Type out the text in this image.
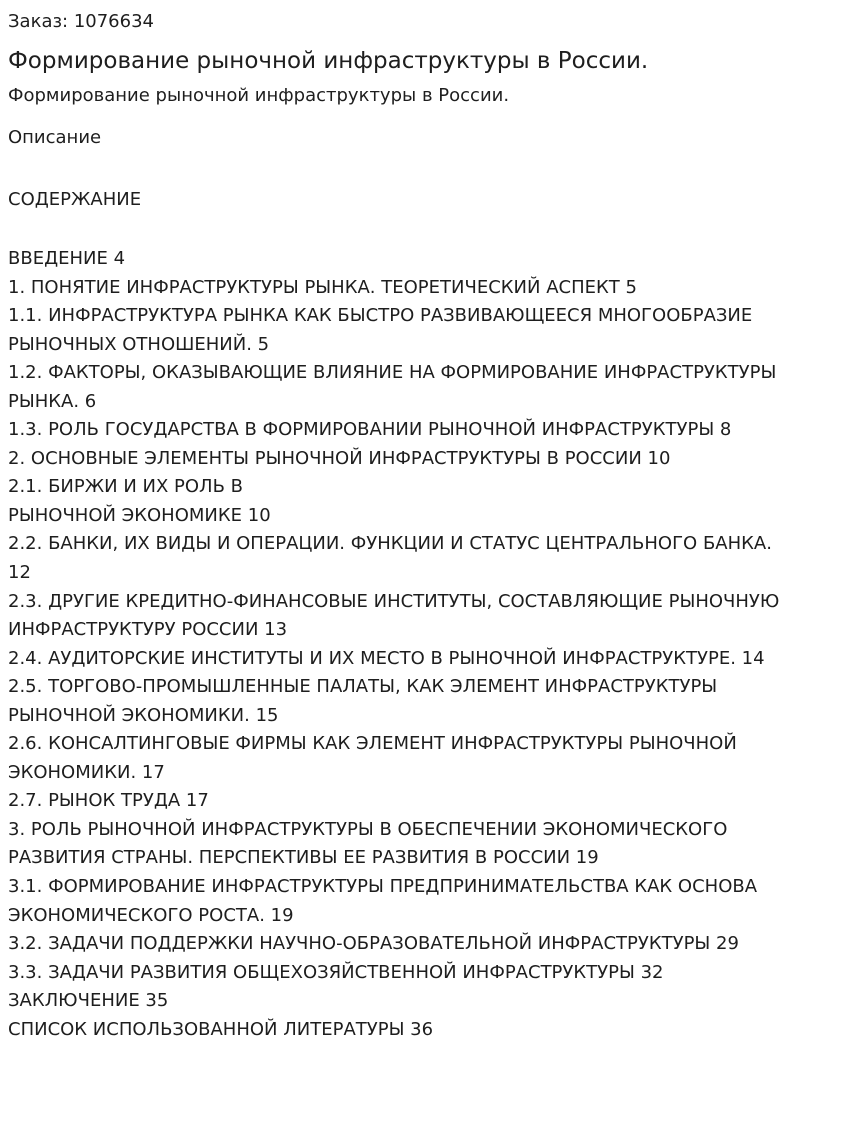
Заказ: 1076634

Формирование рыночной инфраструктуры в России.

Формирование рыночной инфраструктуры в России.

Описание

СОДЕРЖАНИЕ

ВВЕДЕНИЕ 4
1. ПОНЯТИЕ ИНФРАСТРУКТУРЫ РЫНКА. ТЕОРЕТИЧЕСКИЙ АСПЕКТ 5
1.1. ИНФРАСТРУКТУРА РЫНКА КАК БЫСТРО РАЗВИВАЮЩЕЕСЯ МНОГООБРАЗИЕ
РЫНОЧНЫХ ОТНОШЕНИЙ. 5
1.2. ФАКТОРЫ, ОКАЗЫВАЮЩИЕ ВЛИЯНИЕ НА ФОРМИРОВАНИЕ ИНФРАСТРУКТУРЫ
РЫНКА. 6
1.3. РОЛЬ ГОСУДАРСТВА В ФОРМИРОВАНИИ РЫНОЧНОЙ ИНФРАСТРУКТУРЫ 8
2. ОСНОВНЫЕ ЭЛЕМЕНТЫ РЫНОЧНОЙ ИНФРАСТРУКТУРЫ В РОССИИ 10
2.1. БИРЖИ И ИХ РОЛЬ В
РЫНОЧНОЙ ЭКОНОМИКЕ 10
2.2. БАНКИ, ИХ ВИДЫ И ОПЕРАЦИИ. ФУНКЦИИ И СТАТУС ЦЕНТРАЛЬНОГО БАНКА.
12
2.3. ДРУГИЕ КРЕДИТНО-ФИНАНСОВЫЕ ИНСТИТУТЫ, СОСТАВЛЯЮЩИЕ РЫНОЧНУЮ
ИНФРАСТРУКТУРУ РОССИИ 13
2.4. АУДИТОРСКИЕ ИНСТИТУТЫ И ИХ МЕСТО В РЫНОЧНОЙ ИНФРАСТРУКТУРЕ. 14
2.5. ТОРГОВО-ПРОМЫШЛЕННЫЕ ПАЛАТЫ, КАК ЭЛЕМЕНТ ИНФРАСТРУКТУРЫ
РЫНОЧНОЙ ЭКОНОМИКИ. 15
2.6. КОНСАЛТИНГОВЫЕ ФИРМЫ КАК ЭЛЕМЕНТ ИНФРАСТРУКТУРЫ РЫНОЧНОЙ
ЭКОНОМИКИ. 17
2.7. РЫНОК ТРУДА 17
3. РОЛЬ РЫНОЧНОЙ ИНФРАСТРУКТУРЫ В ОБЕСПЕЧЕНИИ ЭКОНОМИЧЕСКОГО
РАЗВИТИЯ СТРАНЫ. ПЕРСПЕКТИВЫ ЕЕ РАЗВИТИЯ В РОССИИ 19
3.1. ФОРМИРОВАНИЕ ИНФРАСТРУКТУРЫ ПРЕДПРИНИМАТЕЛЬСТВА КАК ОСНОВА
ЭКОНОМИЧЕСКОГО РОСТА. 19
3.2. ЗАДАЧИ ПОДДЕРЖКИ НАУЧНО-ОБРАЗОВАТЕЛЬНОЙ ИНФРАСТРУКТУРЫ 29
3.3. ЗАДАЧИ РАЗВИТИЯ ОБЩЕХОЗЯЙСТВЕННОЙ ИНФРАСТРУКТУРЫ 32
ЗАКЛЮЧЕНИЕ 35
СПИСОК ИСПОЛЬЗОВАННОЙ ЛИТЕРАТУРЫ 36
